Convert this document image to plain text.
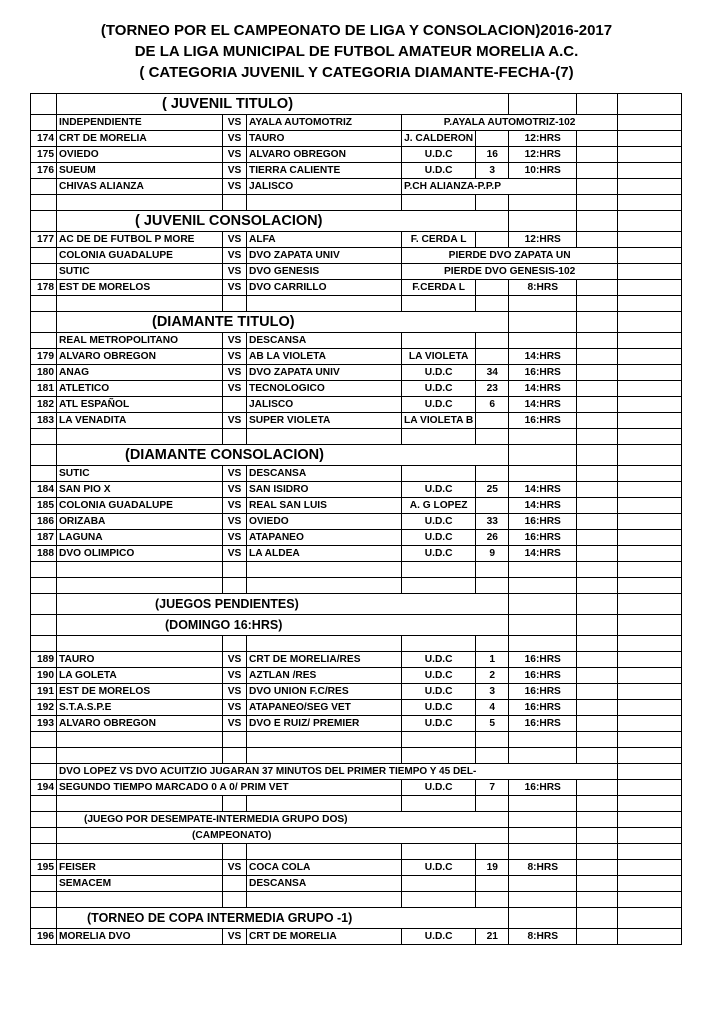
(TORNEO POR EL CAMPEONATO DE LIGA Y CONSOLACION)2016-2017
DE LA LIGA MUNICIPAL DE FUTBOL AMATEUR MORELIA A.C.
( CATEGORIA JUVENIL Y CATEGORIA DIAMANTE-FECHA-(7)
	( JUVENIL TITULO)							
	INDEPENDIENTE	VS	AYALA AUTOMOTRIZ	P.AYALA AUTOMOTRIZ-102				
174	CRT DE MORELIA	VS	TAURO	J. CALDERON		12:HRS		
175	OVIEDO	VS	ALVARO OBREGON	U.D.C	16	12:HRS		
176	SUEUM	VS	TIERRA CALIENTE	U.D.C	3	10:HRS		
	CHIVAS ALIANZA	VS	JALISCO	P.CH ALIANZA-P.P.P				

	( JUVENIL CONSOLACION)							
177	AC DE DE FUTBOL P MORE	VS	ALFA	F. CERDA L		12:HRS		
	COLONIA GUADALUPE	VS	DVO ZAPATA UNIV	PIERDE DVO ZAPATA UN				
	SUTIC	VS	DVO GENESIS	PIERDE DVO GENESIS-102				
178	EST DE MORELOS	VS	DVO CARRILLO	F.CERDA L		8:HRS		

	(DIAMANTE TITULO)							
	REAL METROPOLITANO	VS	DESCANSA					
179	ALVARO OBREGON	VS	AB LA VIOLETA	LA VIOLETA		14:HRS		
180	ANAG	VS	DVO ZAPATA UNIV	U.D.C	34	16:HRS		
181	ATLETICO	VS	TECNOLOGICO	U.D.C	23	14:HRS		
182	ATL ESPAÑOL		JALISCO	U.D.C	6	14:HRS		
183	LA VENADITA	VS	SUPER VIOLETA	LA VIOLETA B		16:HRS		

	(DIAMANTE CONSOLACION)							
	SUTIC	VS	DESCANSA					
184	SAN PIO X	VS	SAN ISIDRO	U.D.C	25	14:HRS		
185	COLONIA GUADALUPE	VS	REAL SAN LUIS	A. G LOPEZ		14:HRS		
186	ORIZABA	VS	OVIEDO	U.D.C	33	16:HRS		
187	LAGUNA	VS	ATAPANEO	U.D.C	26	16:HRS		
188	DVO OLIMPICO	VS	LA ALDEA	U.D.C	9	14:HRS		

	(JUEGOS PENDIENTES)							
	(DOMINGO 16:HRS)							

189	TAURO	VS	CRT DE MORELIA/RES	U.D.C	1	16:HRS		
190	LA GOLETA	VS	AZTLAN /RES	U.D.C	2	16:HRS		
191	EST DE MORELOS	VS	DVO UNION F.C/RES	U.D.C	3	16:HRS		
192	S.T.A.S.P.E	VS	ATAPANEO/SEG VET	U.D.C	4	16:HRS		
193	ALVARO OBREGON	VS	DVO E RUIZ/ PREMIER	U.D.C	5	16:HRS		

	DVO LOPEZ VS DVO ACUITZIO JUGARAN 37 MINUTOS DEL PRIMER TIEMPO Y 45 DEL-							
194	SEGUNDO TIEMPO MARCADO 0 A 0/ PRIM VET			U.D.C	7	16:HRS		

	(JUEGO POR DESEMPATE-INTERMEDIA GRUPO DOS)							
	(CAMPEONATO)							

195	FEISER	VS	COCA COLA	U.D.C	19	8:HRS		
	SEMACEM		DESCANSA					

	(TORNEO DE COPA INTERMEDIA GRUPO -1)							
196	MORELIA DVO	VS	CRT DE MORELIA	U.D.C	21	8:HRS		
